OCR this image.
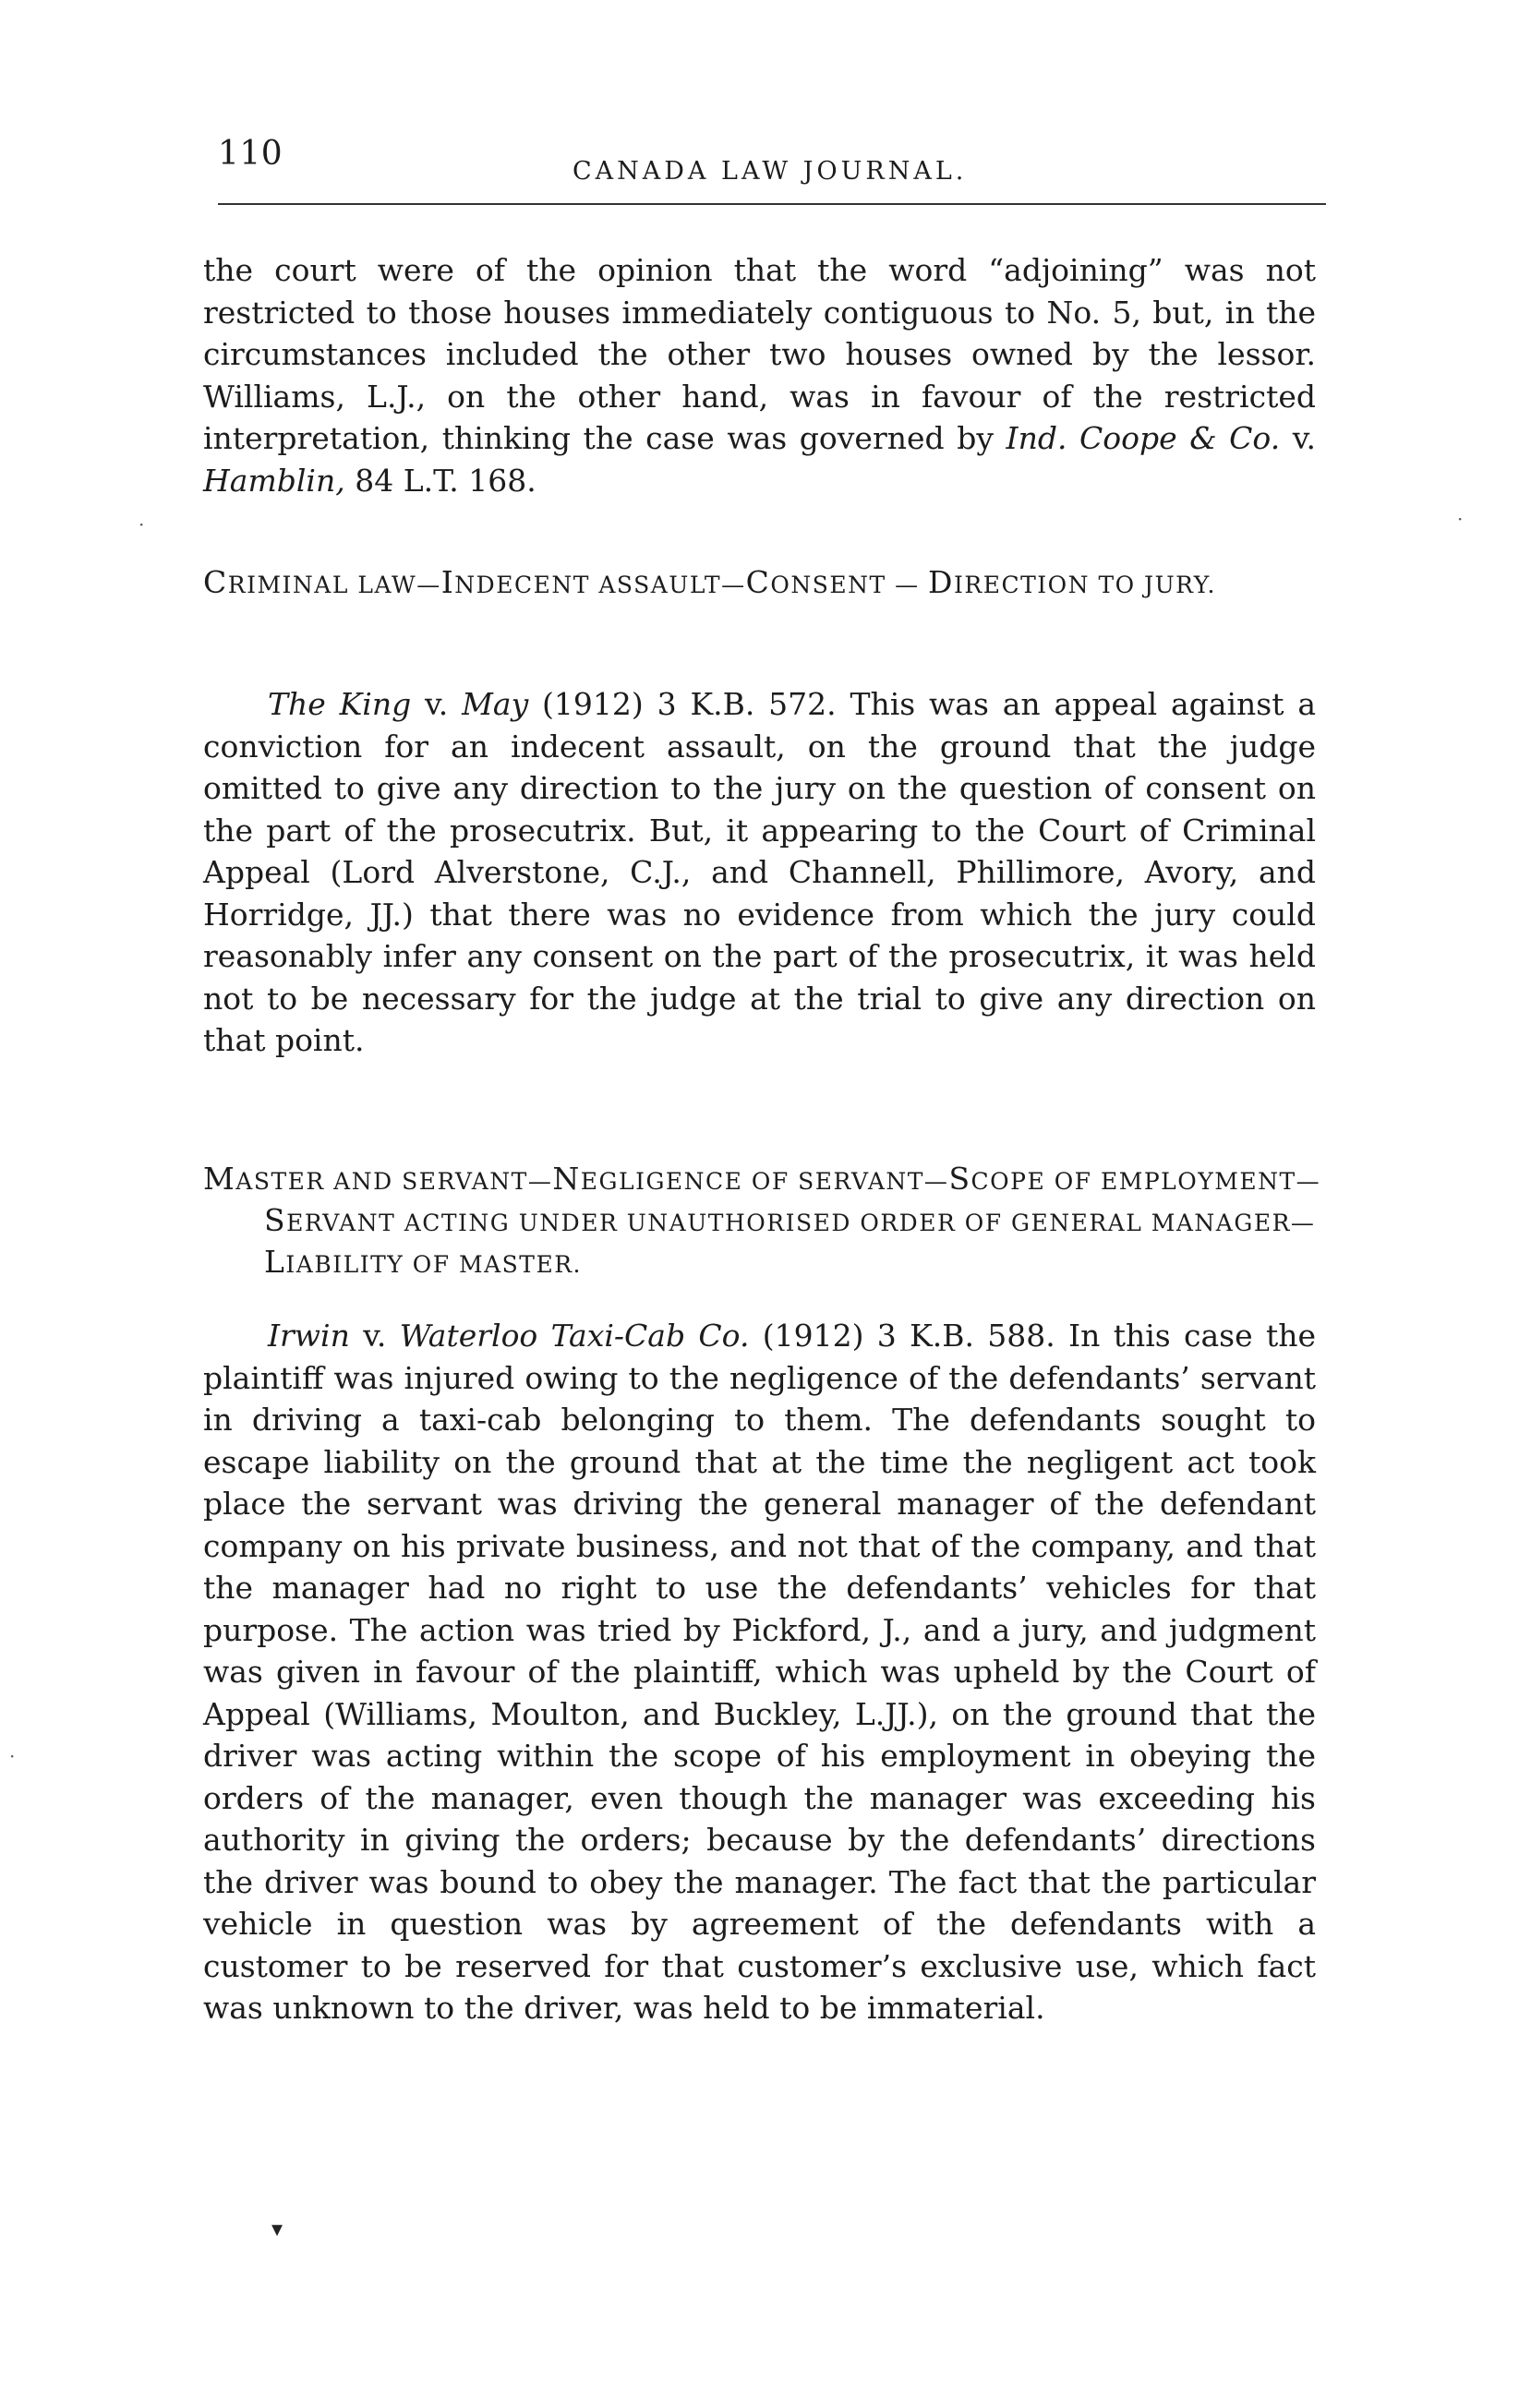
110	CANADA LAW JOURNAL.

the court were of the opinion that the word “adjoining” was not restricted to those houses immediately contiguous to No. 5, but, in the circumstances included the other two houses owned by the lessor. Williams, L.J., on the other hand, was in favour of the restricted interpretation, thinking the case was governed by Ind. Coope & Co. v. Hamblin, 84 L.T. 168.

CRIMINAL LAW—INDECENT ASSAULT—CONSENT — DIRECTION TO JURY.

The King v. May (1912) 3 K.B. 572. This was an appeal against a conviction for an indecent assault, on the ground that the judge omitted to give any direction to the jury on the question of consent on the part of the prosecutrix. But, it appearing to the Court of Criminal Appeal (Lord Alverstone, C.J., and Channell, Phillimore, Avory, and Horridge, JJ.) that there was no evidence from which the jury could reasonably infer any consent on the part of the prosecutrix, it was held not to be necessary for the judge at the trial to give any direction on that point.

MASTER AND SERVANT—NEGLIGENCE OF SERVANT—SCOPE OF EMPLOYMENT—SERVANT ACTING UNDER UNAUTHORISED ORDER OF GENERAL MANAGER—LIABILITY OF MASTER.

Irwin v. Waterloo Taxi-Cab Co. (1912) 3 K.B. 588. In this case the plaintiff was injured owing to the negligence of the defendants’ servant in driving a taxi-cab belonging to them. The defendants sought to escape liability on the ground that at the time the negligent act took place the servant was driving the general manager of the defendant company on his private business, and not that of the company, and that the manager had no right to use the defendants’ vehicles for that purpose. The action was tried by Pickford, J., and a jury, and judgment was given in favour of the plaintiff, which was upheld by the Court of Appeal (Williams, Moulton, and Buckley, L.JJ.), on the ground that the driver was acting within the scope of his employment in obeying the orders of the manager, even though the manager was exceeding his authority in giving the orders; because by the defendants’ directions the driver was bound to obey the manager. The fact that the particular vehicle in question was by agreement of the defendants with a customer to be reserved for that customer’s exclusive use, which fact was unknown to the driver, was held to be immaterial.

·	·
·
▾
